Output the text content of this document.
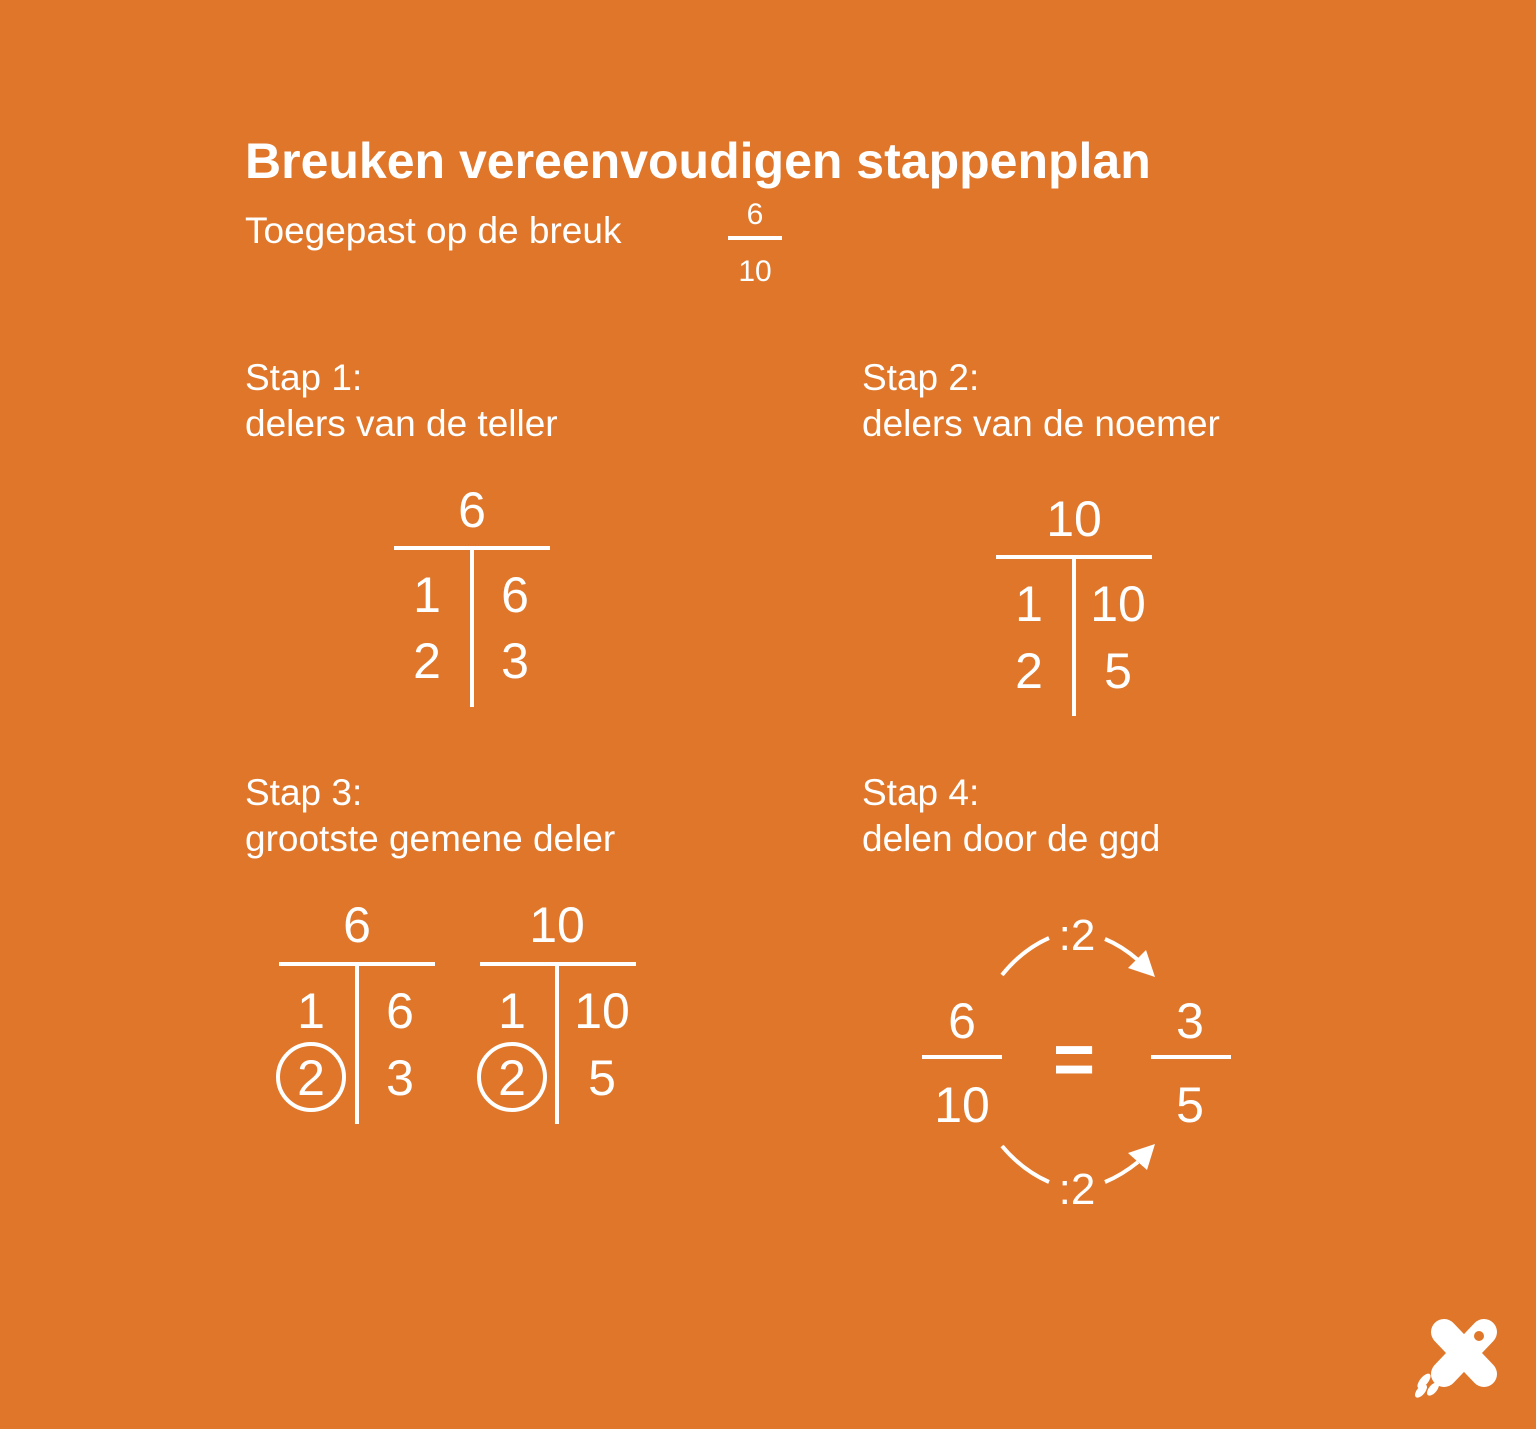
Breuken vereenvoudigen stappenplan
Toegepast op de breuk	6
10
Stap 1:
delers van de teller
6
1 6
2 3
Stap 2:
delers van de noemer
10
1 10
2 5
Stap 3:
grootste gemene deler
6
1 6
2 3
10
1 10
2 5
Stap 4:
delen door de ggd
6
10
= 3
5
:2
:2
